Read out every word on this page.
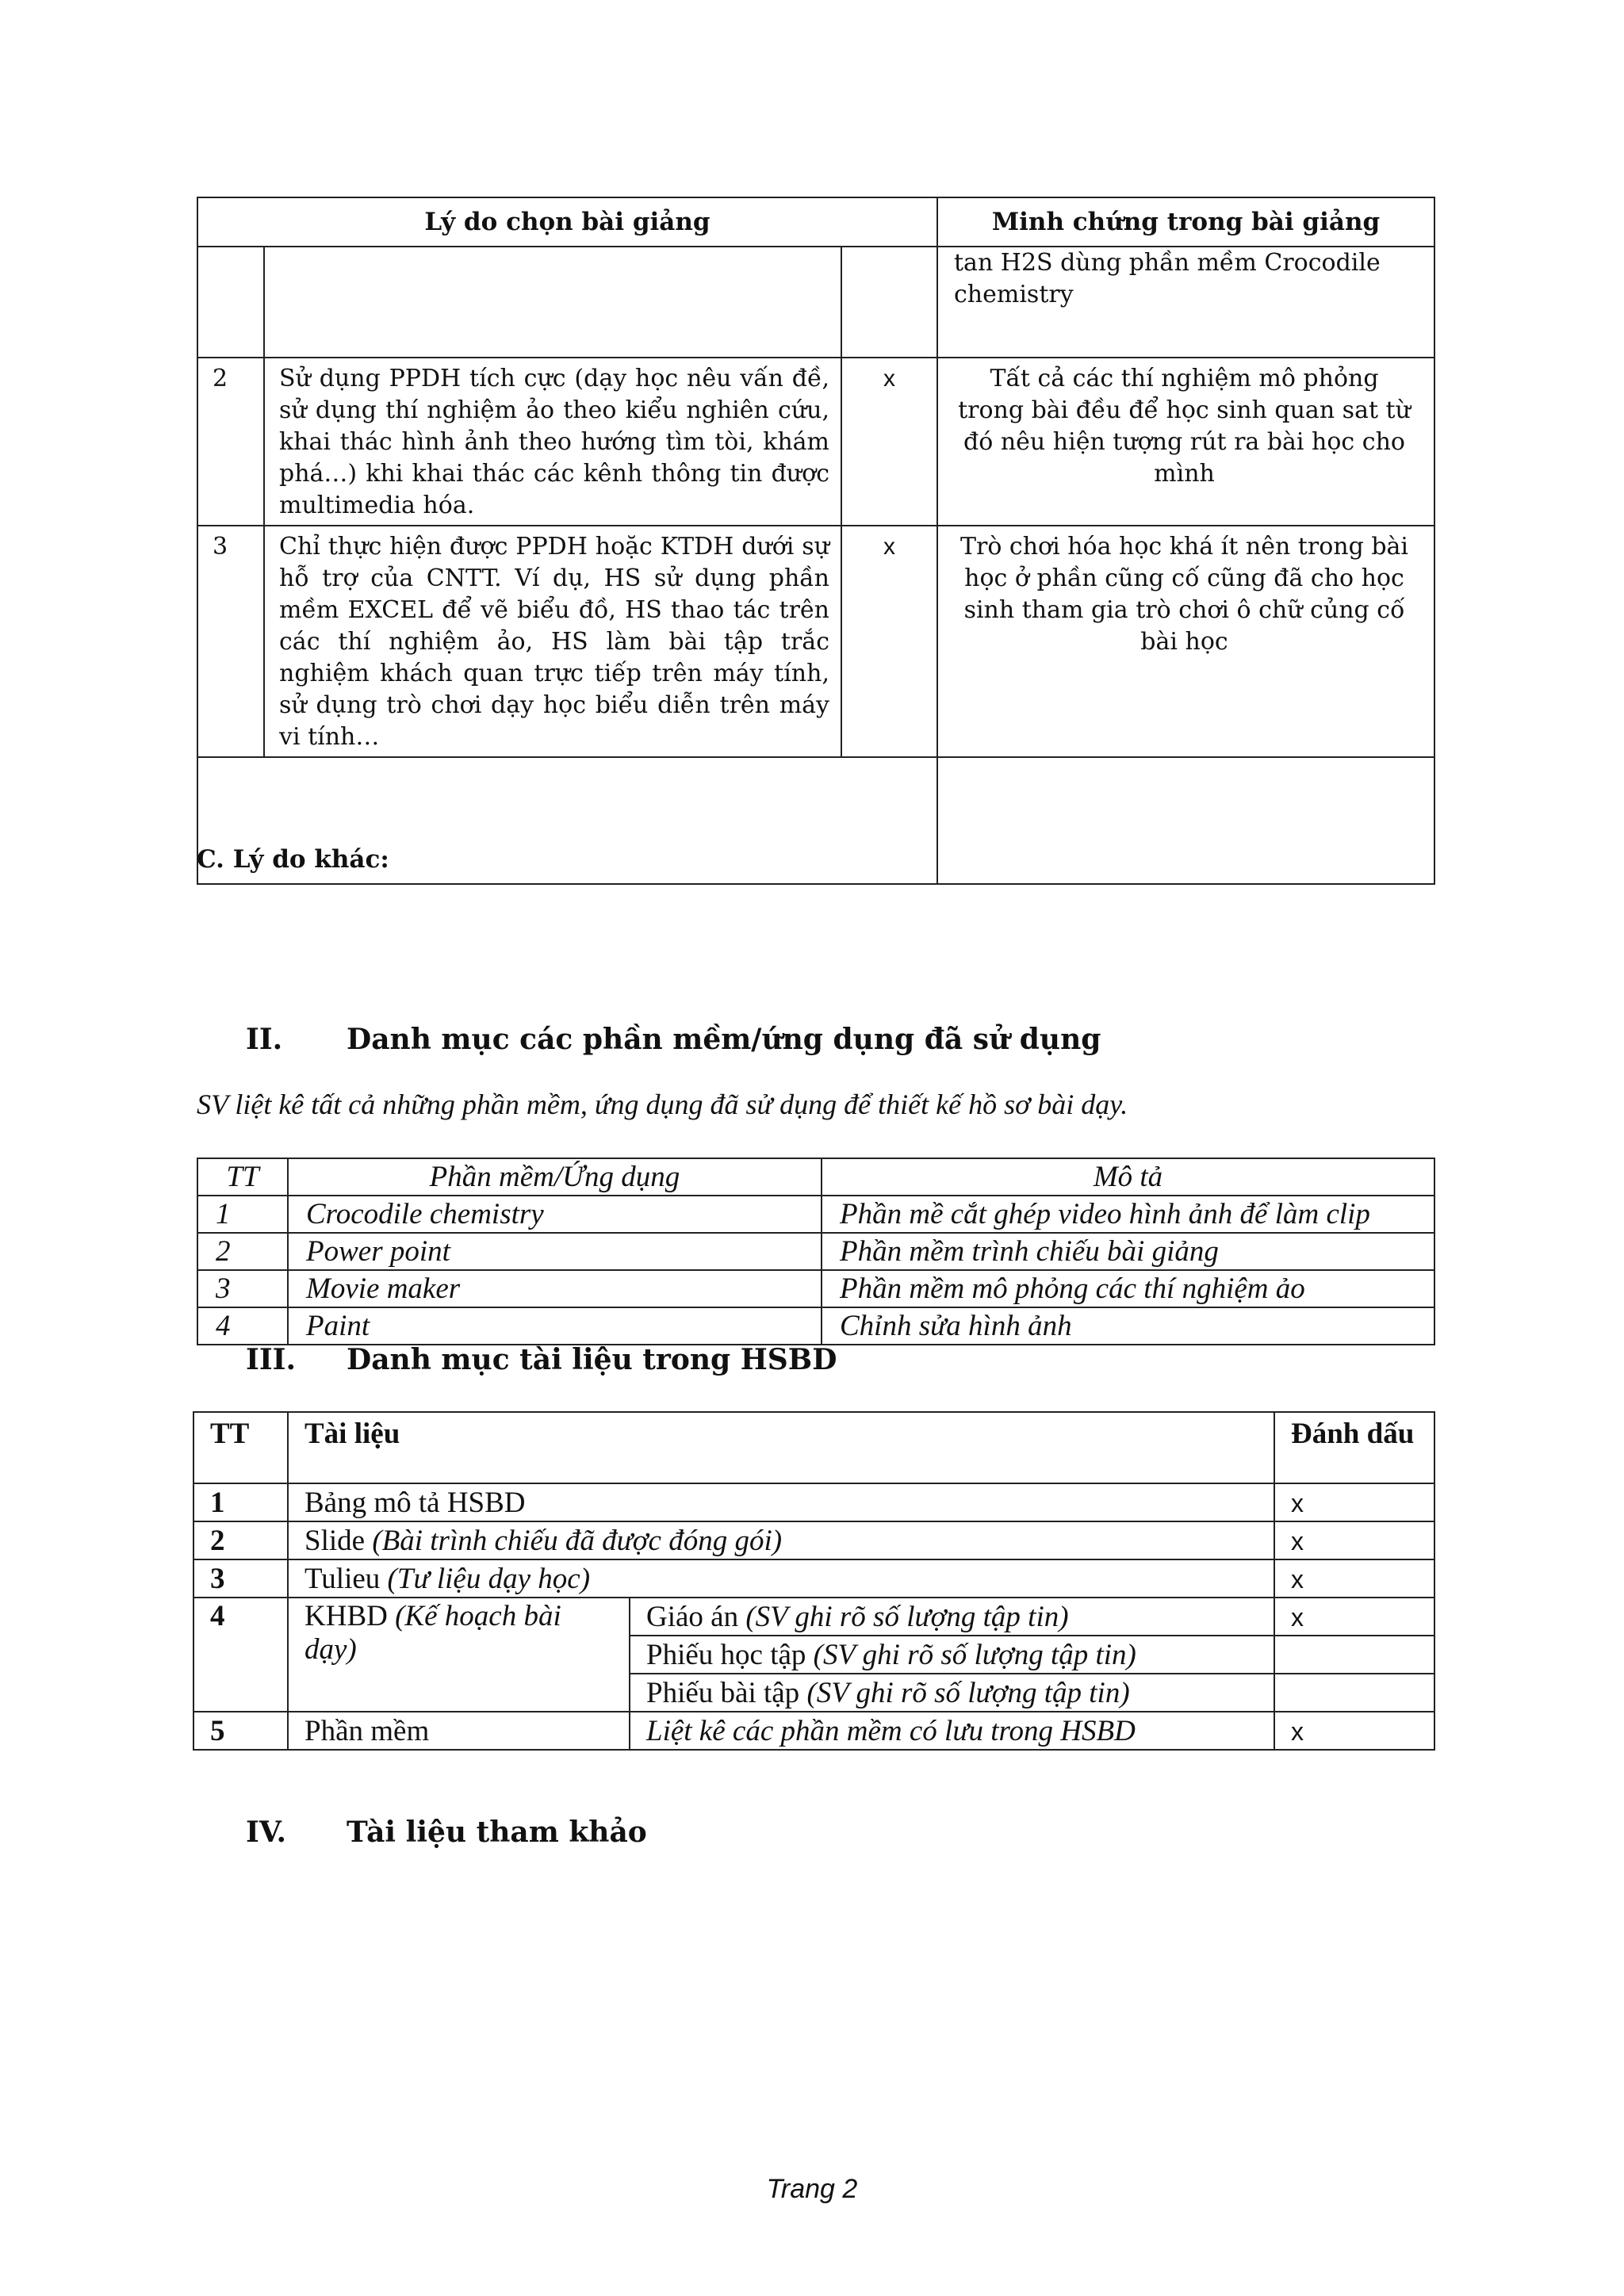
Lý do chọn bài giảng			Minh chứng trong bài giảng
			tan H2S dùng phần mềm Crocodile chemistry
2	Sử dụng PPDH tích cực (dạy học nêu vấn đề, sử dụng thí nghiệm ảo theo kiểu nghiên cứu, khai thác hình ảnh theo hướng tìm tòi, khám phá…) khi khai thác các kênh thông tin được multimedia hóa.	x	Tất cả các thí nghiệm mô phỏng trong bài đều để học sinh quan sat từ đó nêu hiện tượng rút ra bài học cho mình
3	Chỉ thực hiện được PPDH hoặc KTDH dưới sự hỗ trợ của CNTT. Ví dụ, HS sử dụng phần mềm EXCEL để vẽ biểu đồ, HS thao tác trên các thí nghiệm ảo, HS làm bài tập trắc nghiệm khách quan trực tiếp trên máy tính, sử dụng trò chơi dạy học biểu diễn trên máy vi tính…	x	Trò chơi hóa học khá ít nên trong bài học ở phần cũng cố cũng đã cho học sinh tham gia trò chơi ô chữ củng cố bài học

C. Lý do khác:
II. Danh mục các phần mềm/ứng dụng đã sử dụng
SV liệt kê tất cả những phần mềm, ứng dụng đã sử dụng để thiết kế hồ sơ bài dạy.
TT	Phần mềm/Ứng dụng	Mô tả
1	Crocodile chemistry	Phần mề cắt ghép video hình ảnh để làm clip
2	Power point	Phần mềm trình chiếu bài giảng
3	Movie maker	Phần mềm mô phỏng các thí nghiệm ảo
4	Paint	Chỉnh sửa hình ảnh
III. Danh mục tài liệu trong HSBD
TT	Tài liệu		Đánh dấu
1	Bảng mô tả HSBD		x
2	Slide (Bài trình chiếu đã được đóng gói)		x
3	Tulieu (Tư liệu dạy học)		x
4	KHBD (Kế hoạch bài dạy)	Giáo án (SV ghi rõ số lượng tập tin)	x
		Phiếu học tập (SV ghi rõ số lượng tập tin)	
		Phiếu bài tập (SV ghi rõ số lượng tập tin)	
5	Phần mềm	Liệt kê các phần mềm có lưu trong HSBD	x
IV. Tài liệu tham khảo
Trang 2
